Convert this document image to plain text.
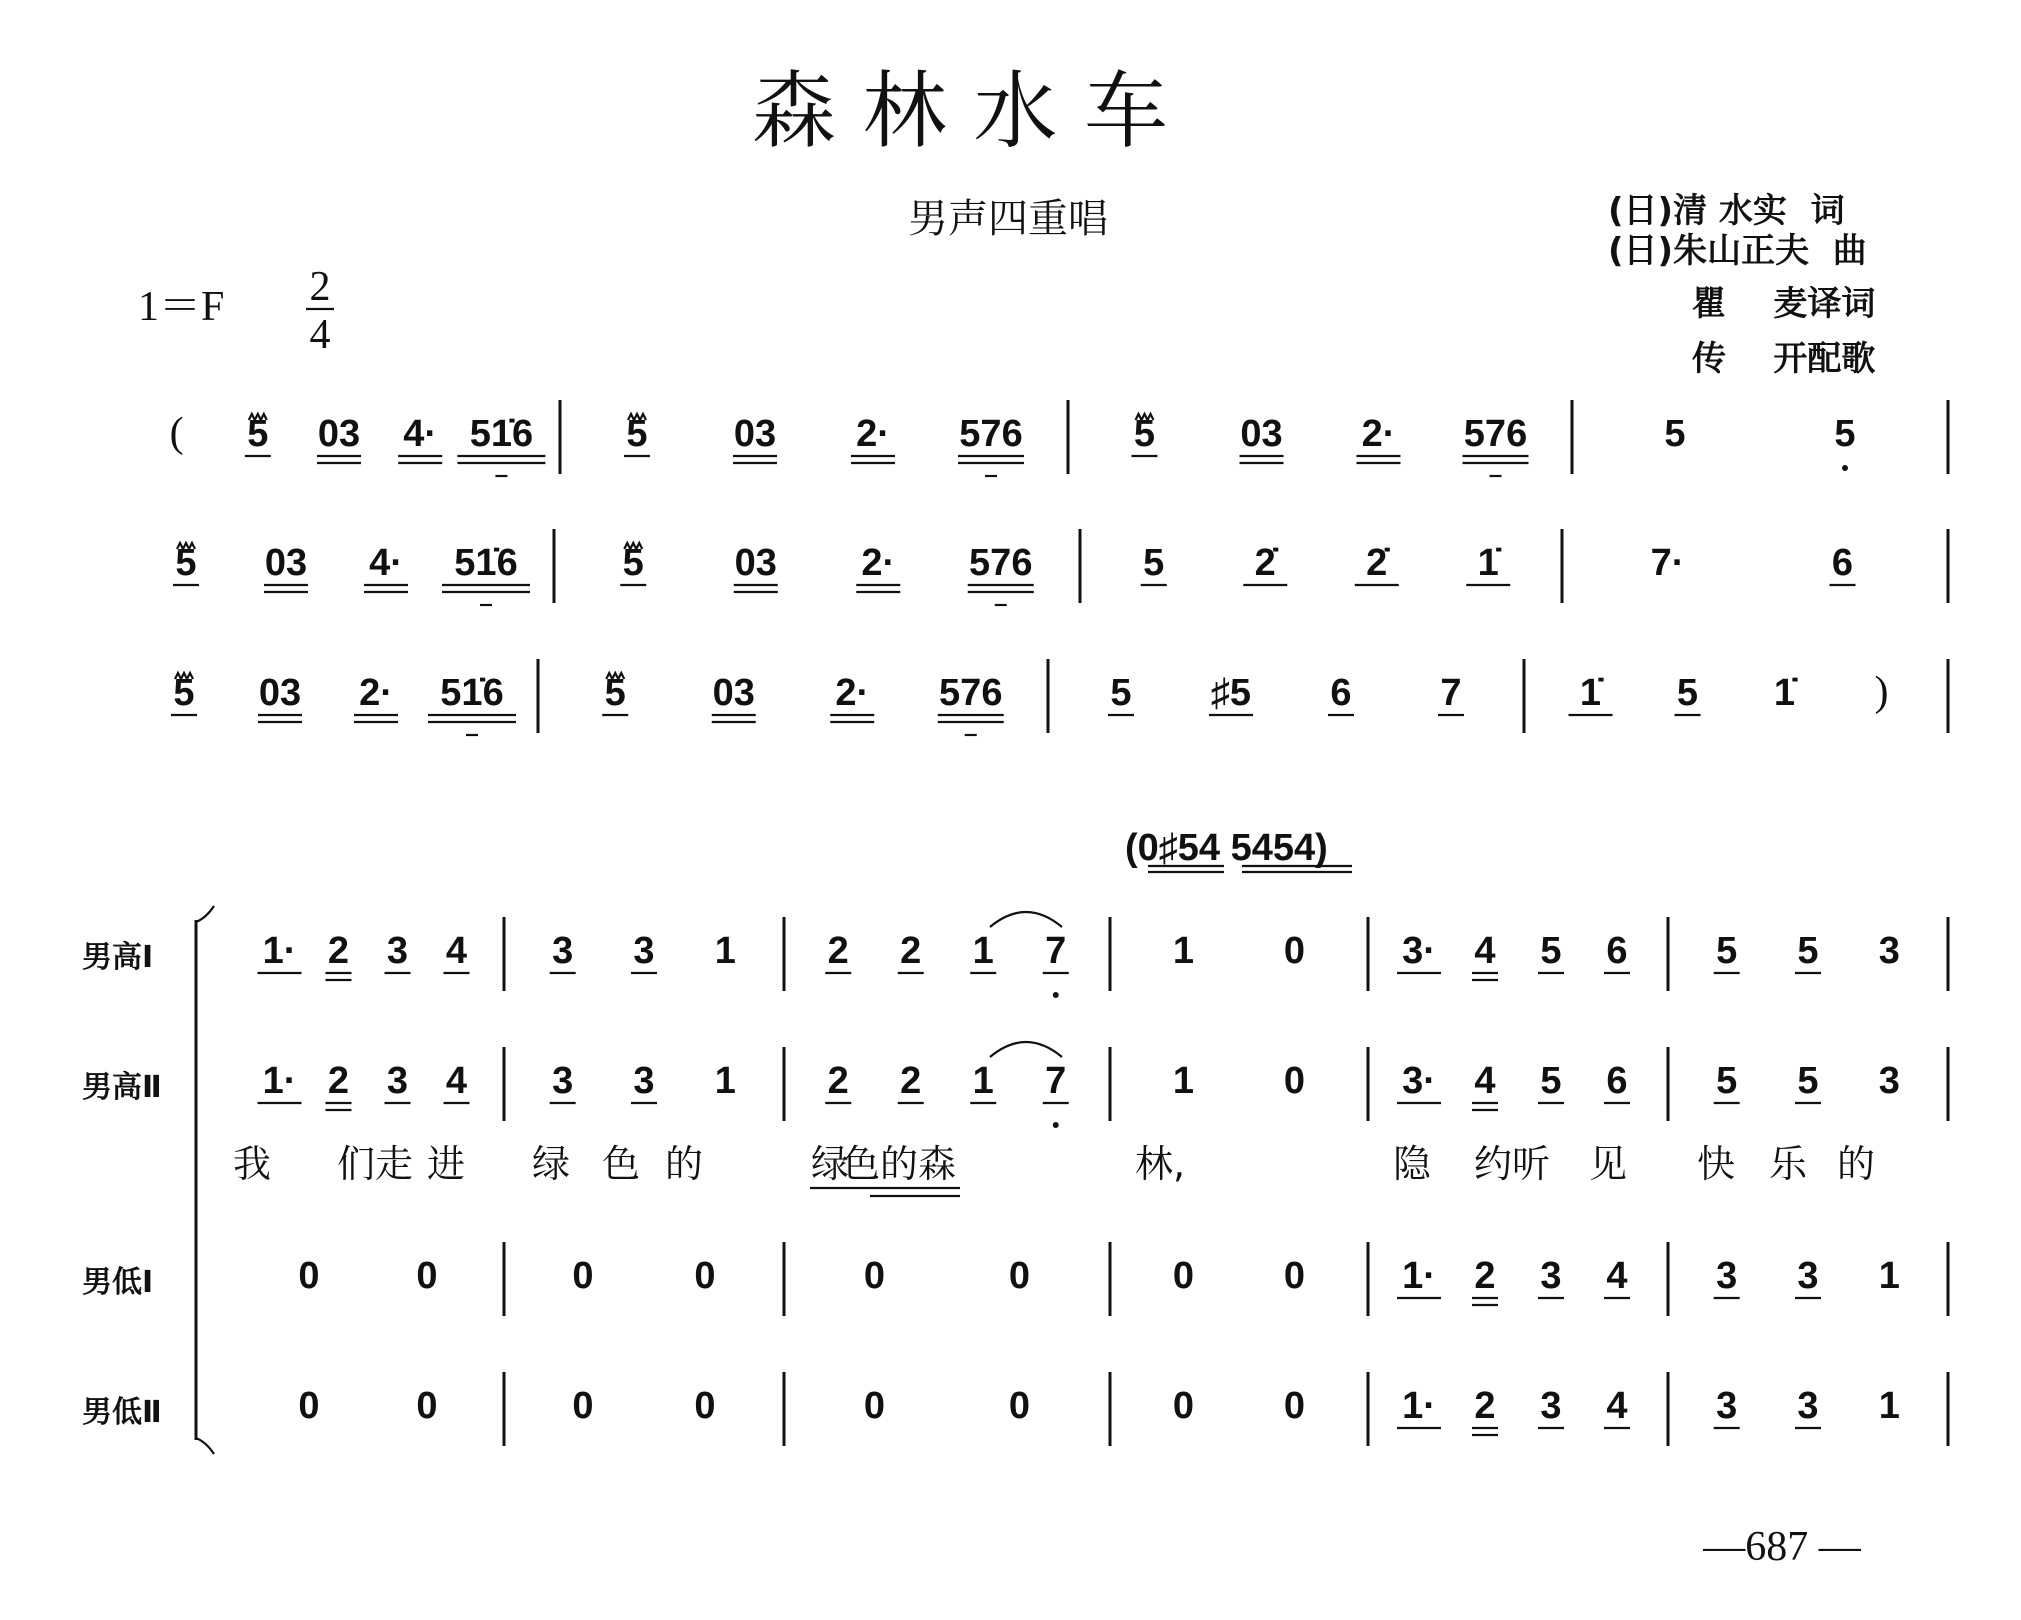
森 林 水 车
男声四重唱	(日)清 水实  词
(日)朱山正夫  曲
瞿    麦译词
传    开配歌
1＝F 2
4
( 5 03 4· 51̇6 5 03 2· 576	5 03 2· 576	5	5
5 03 4· 51̇6	5 03 2· 576	5 2̇ 2̇ 1̇	7·	6
5 03 2· 51̇6	5 03 2· 576	5 ♯5 6 7	1̇ 5 1̇ )
(0♯54 5454)
男高Ⅰ	1· 2 3 4 3 3 1 2 2 1 7	1 0	3· 4 5 6 5 5 3
男高Ⅱ	1· 2 3 4 3 3 1 2 2 1 7	1 0	3· 4 5 6 5 5 3
男低Ⅰ	0	0	0	0	0	0	0 0	1· 2 3 4 3 3 1
男低Ⅱ	0	0	0	0	0	0	0 0	1· 2 3 4 3 3 1
我 们走 进 绿 色 的	绿
色的森	林,	隐 约听 见 快 乐 的
—687 —
